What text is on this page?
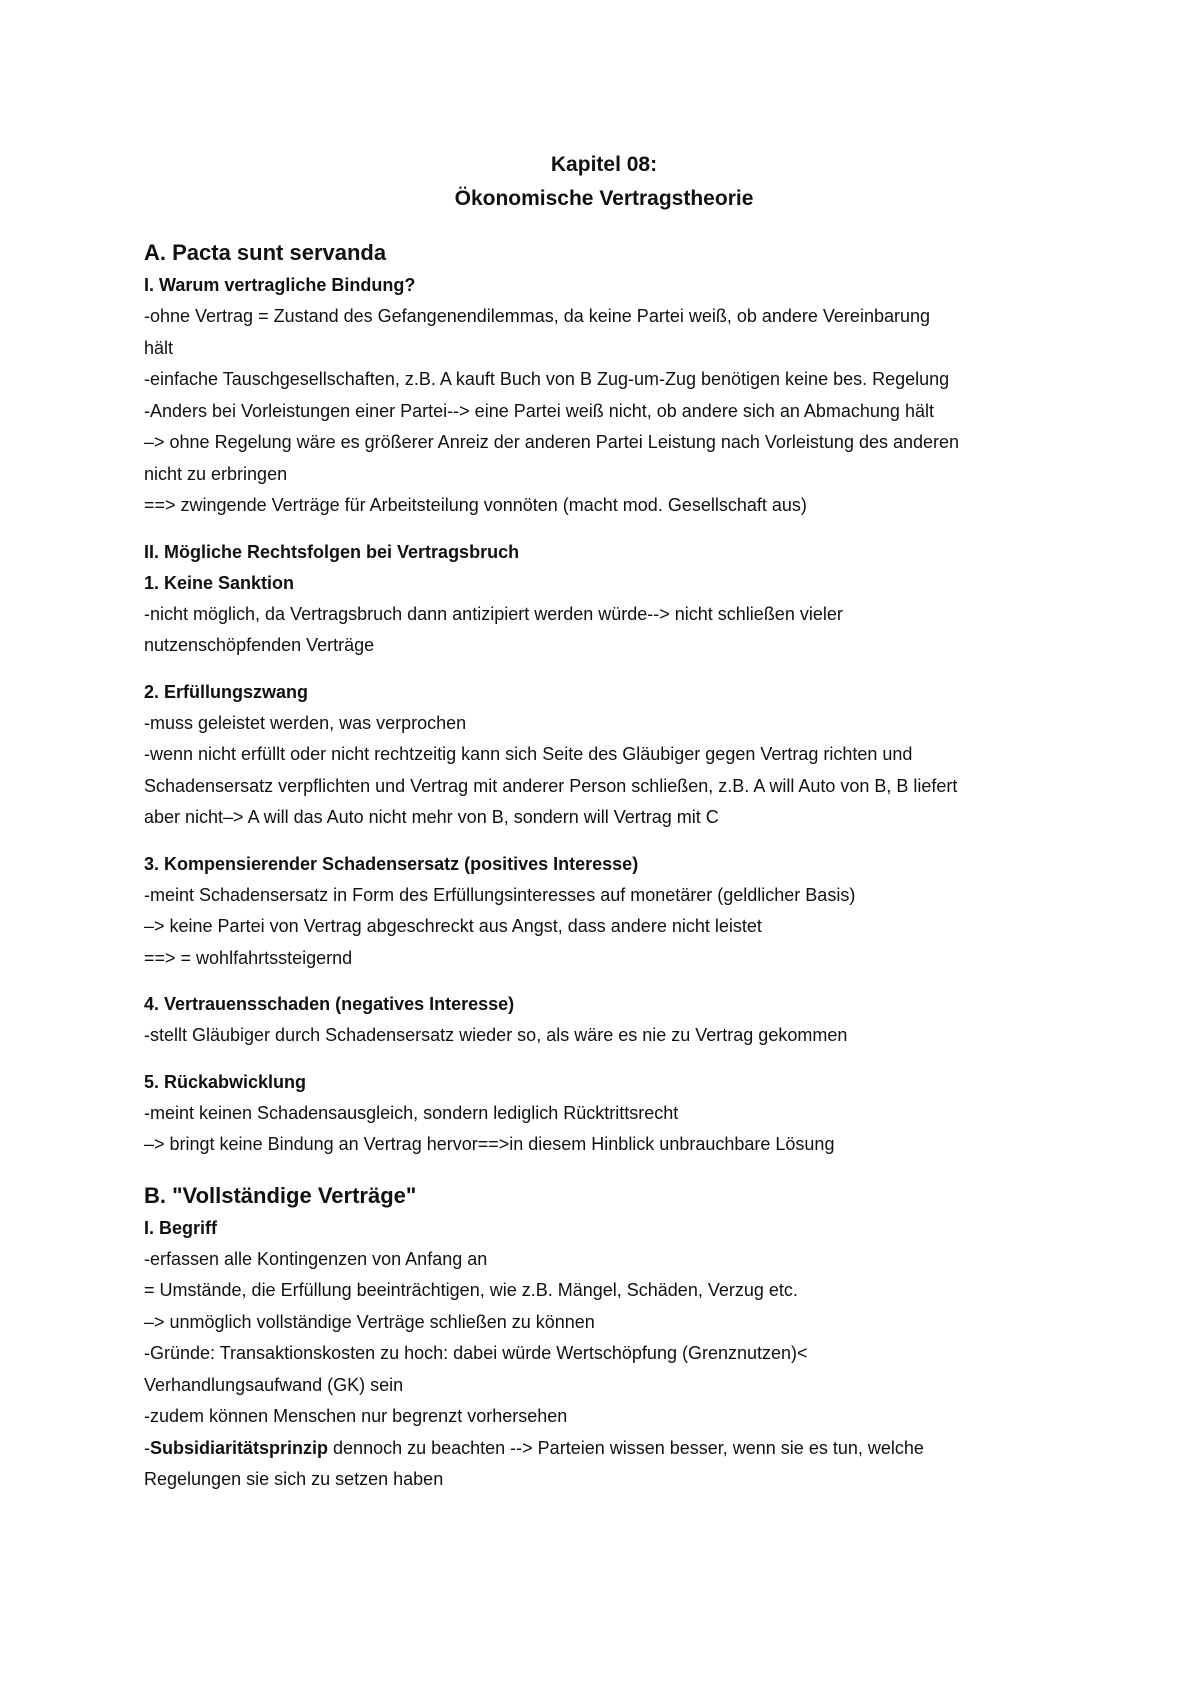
Kapitel 08:

Ökonomische Vertragstheorie

A. Pacta sunt servanda

I. Warum vertragliche Bindung?

-ohne Vertrag = Zustand des Gefangenendilemmas, da keine Partei weiß, ob andere Vereinbarung

hält

-einfache Tauschgesellschaften, z.B. A kauft Buch von B Zug-um-Zug benötigen keine bes. Regelung

-Anders bei Vorleistungen einer Partei--> eine Partei weiß nicht, ob andere sich an Abmachung hält

–> ohne Regelung wäre es größerer Anreiz der anderen Partei Leistung nach Vorleistung des anderen

nicht zu erbringen

==> zwingende Verträge für Arbeitsteilung vonnöten (macht mod. Gesellschaft aus)

II. Mögliche Rechtsfolgen bei Vertragsbruch

1. Keine Sanktion

-nicht möglich, da Vertragsbruch dann antizipiert werden würde--> nicht schließen vieler

nutzenschöpfenden Verträge

2. Erfüllungszwang

-muss geleistet werden, was verprochen

-wenn nicht erfüllt oder nicht rechtzeitig kann sich Seite des Gläubiger gegen Vertrag richten und

Schadensersatz verpflichten und Vertrag mit anderer Person schließen, z.B. A will Auto von B, B liefert

aber nicht–> A will das Auto nicht mehr von B, sondern will Vertrag mit C

3. Kompensierender Schadensersatz (positives Interesse)

-meint Schadensersatz in Form des Erfüllungsinteresses auf monetärer (geldlicher Basis)

–> keine Partei von Vertrag abgeschreckt aus Angst, dass andere nicht leistet

==> = wohlfahrtssteigernd

4. Vertrauensschaden (negatives Interesse)

-stellt Gläubiger durch Schadensersatz wieder so, als wäre es nie zu Vertrag gekommen

5. Rückabwicklung

-meint keinen Schadensausgleich, sondern lediglich Rücktrittsrecht

–> bringt keine Bindung an Vertrag hervor==>in diesem Hinblick unbrauchbare Lösung

B. "Vollständige Verträge"

I. Begriff

-erfassen alle Kontingenzen von Anfang an

= Umstände, die Erfüllung beeinträchtigen, wie z.B. Mängel, Schäden, Verzug etc.

–> unmöglich vollständige Verträge schließen zu können

-Gründe: Transaktionskosten zu hoch: dabei würde Wertschöpfung (Grenznutzen)<

Verhandlungsaufwand (GK) sein

-zudem können Menschen nur begrenzt vorhersehen

-Subsidiaritätsprinzip dennoch zu beachten --> Parteien wissen besser, wenn sie es tun, welche

Regelungen sie sich zu setzen haben
